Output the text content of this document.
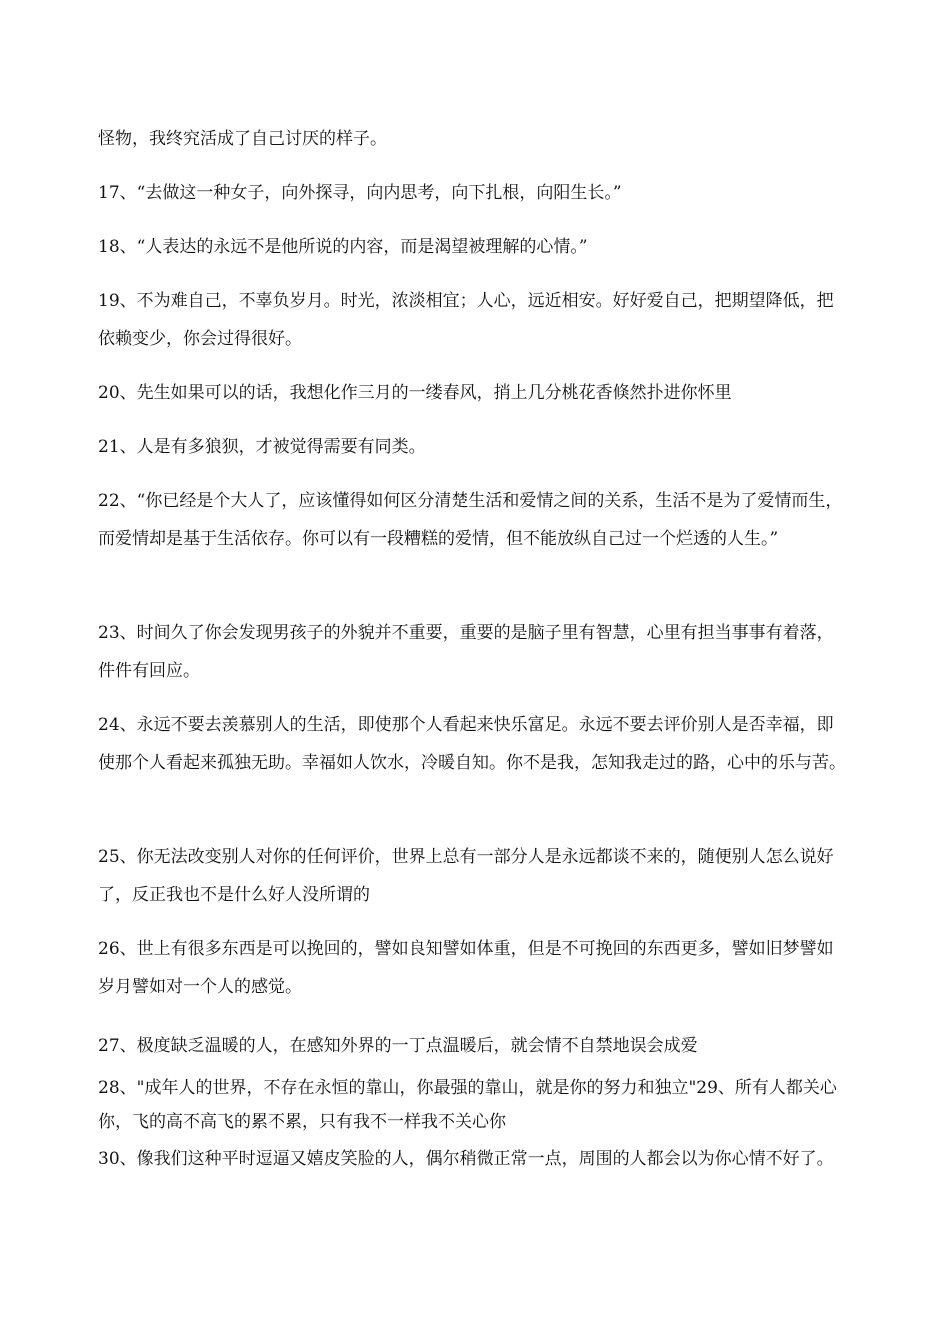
怪物，我终究活成了自己讨厌的样子。

17、“去做这一种女子，向外探寻，向内思考，向下扎根，向阳生长。”

18、“人表达的永远不是他所说的内容，而是渴望被理解的心情。”

19、不为难自己，不辜负岁月。时光，浓淡相宜；人心，远近相安。好好爱自己，把期望降低，把依赖变少，你会过得很好。

20、先生如果可以的话，我想化作三月的一缕春风，捎上几分桃花香倏然扑进你怀里

21、人是有多狼狈，才被觉得需要有同类。

22、“你已经是个大人了，应该懂得如何区分清楚生活和爱情之间的关系，生活不是为了爱情而生，而爱情却是基于生活依存。你可以有一段糟糕的爱情，但不能放纵自己过一个烂透的人生。”

23、时间久了你会发现男孩子的外貌并不重要，重要的是脑子里有智慧，心里有担当事事有着落，件件有回应。

24、永远不要去羡慕别人的生活，即使那个人看起来快乐富足。永远不要去评价别人是否幸福，即使那个人看起来孤独无助。幸福如人饮水，冷暖自知。你不是我，怎知我走过的路，心中的乐与苦。

25、你无法改变别人对你的任何评价，世界上总有一部分人是永远都谈不来的，随便别人怎么说好了，反正我也不是什么好人没所谓的

26、世上有很多东西是可以挽回的，譬如良知譬如体重，但是不可挽回的东西更多，譬如旧梦譬如岁月譬如对一个人的感觉。

27、极度缺乏温暖的人，在感知外界的一丁点温暖后，就会情不自禁地误会成爱

28、"成年人的世界，不存在永恒的靠山，你最强的靠山，就是你的努力和独立"29、所有人都关心你，飞的高不高飞的累不累，只有我不一样我不关心你

30、像我们这种平时逗逼又嬉皮笑脸的人，偶尔稍微正常一点，周围的人都会以为你心情不好了。
